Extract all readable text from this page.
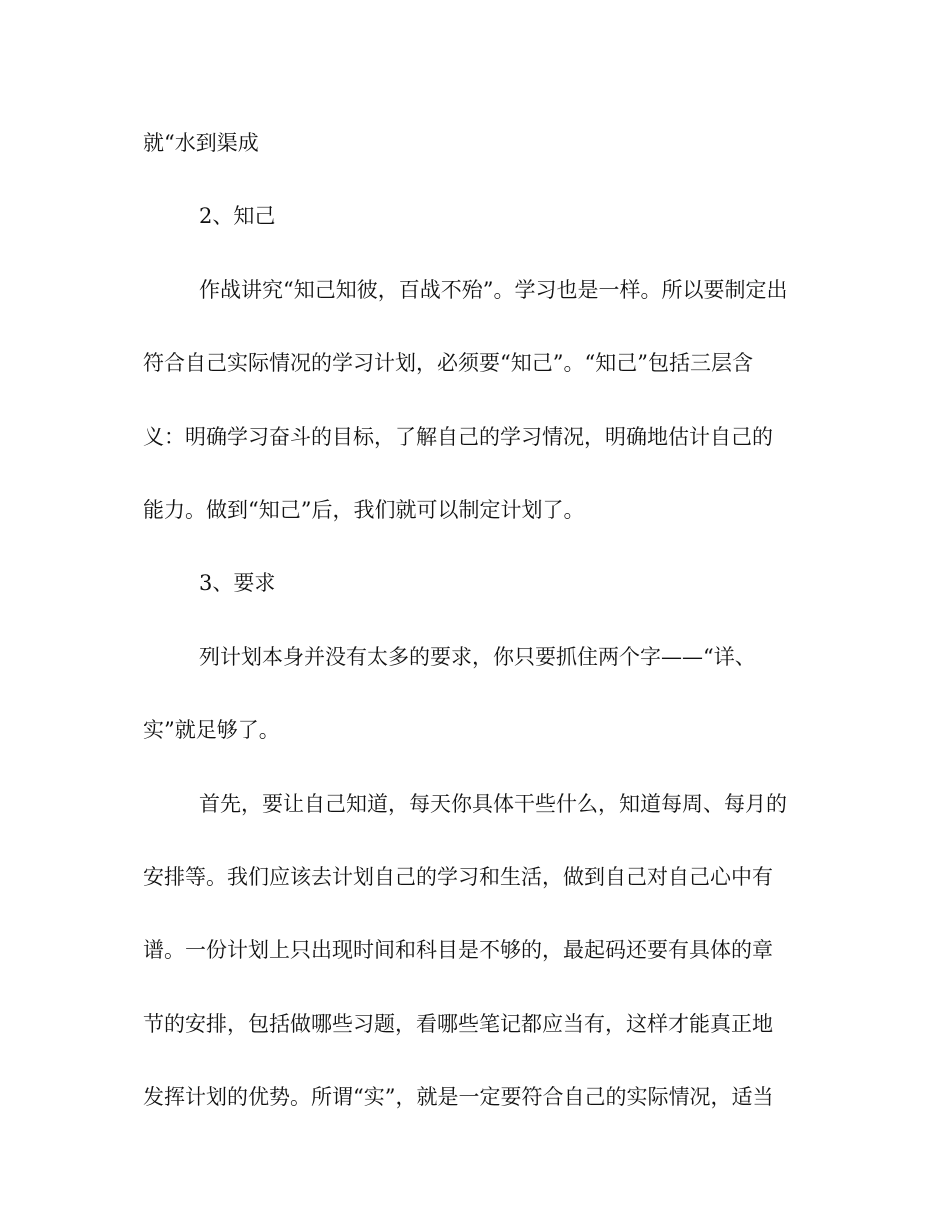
就“水到渠成
2、知己
作战讲究“知己知彼，百战不殆”。学习也是一样。所以要制定出
符合自己实际情况的学习计划，必须要“知己”。“知己”包括三层含
义：明确学习奋斗的目标，了解自己的学习情况，明确地估计自己的
能力。做到“知己”后，我们就可以制定计划了。
3、要求
列计划本身并没有太多的要求，你只要抓住两个字——“详、
实”就足够了。
首先，要让自己知道，每天你具体干些什么，知道每周、每月的
安排等。我们应该去计划自己的学习和生活，做到自己对自己心中有
谱。一份计划上只出现时间和科目是不够的，最起码还要有具体的章
节的安排，包括做哪些习题，看哪些笔记都应当有，这样才能真正地
发挥计划的优势。所谓“实”，就是一定要符合自己的实际情况，适当
